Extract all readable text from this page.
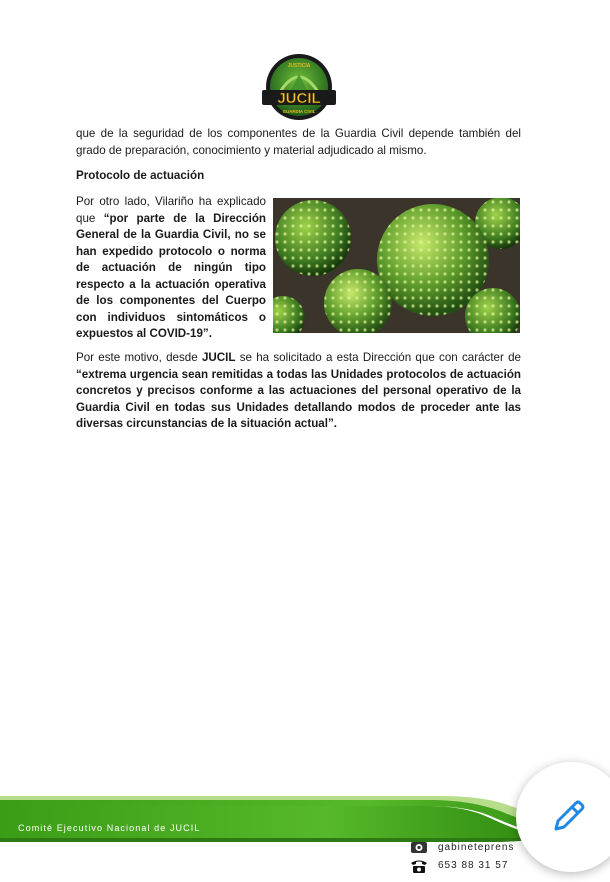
JUSTICIA
JUCIL
GUARDIA CIVIL
que de la seguridad de los componentes de la Guardia Civil depende también del grado de preparación, conocimiento y material adjudicado al mismo.
Protocolo de actuación
Por otro lado, Vilariño ha explicado que “por parte de la Dirección General de la Guardia Civil, no se han expedido protocolo o norma de actuación de ningún tipo respecto a la actuación operativa de los componentes del Cuerpo con individuos sintomáticos o expuestos al COVID-19”.
Por este motivo, desde JUCIL se ha solicitado a esta Dirección que con carácter de “extrema urgencia sean remitidas a todas las Unidades protocolos de actuación concretos y precisos conforme a las actuaciones del personal operativo de la Guardia Civil en todas sus Unidades detallando modos de proceder ante las diversas circunstancias de la situación actual”.
Comité Ejecutivo Nacional de JUCIL
gabineteprens
653 88 31 57
